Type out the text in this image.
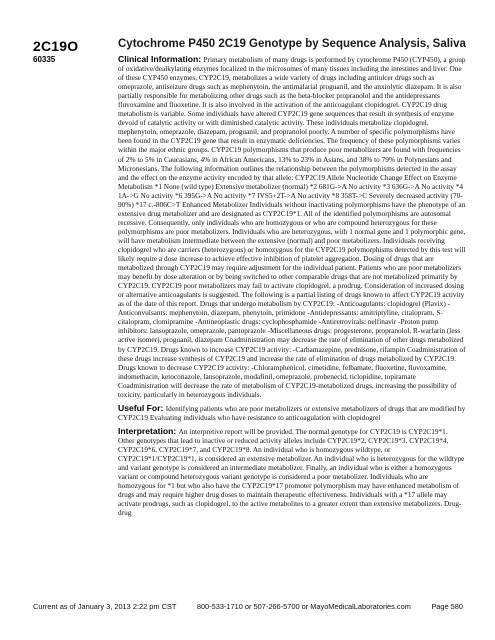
2C19O
60335
Cytochrome P450 2C19 Genotype by Sequence Analysis, Saliva

Clinical Information: Primary metabolism of many drugs is performed by cytochrome P450 (CYP450), a group of oxidative/dealkylating enzymes localized in the microsomes of many tissues including the intestines and liver. One of these CYP450 enzymes, CYP2C19, metabolizes a wide variety of drugs including antiulcer drugs such as omeprazole, antiseizure drugs such as mephenytoin, the antimalarial proguanil, and the anxiolytic diazepam. It is also partially responsible for metabolizing other drugs such as the beta-blocker propranolol and the antidepressants fluvoxamine and fluoxetine. It is also involved in the activation of the anticoagulant clopidogrel. CYP2C19 drug metabolism is variable. Some individuals have altered CYP2C19 gene sequences that result in synthesis of enzyme devoid of catalytic activity or with diminished catalytic activity. These individuals metabolize clopidogrel, mephenytoin, omeprazole, diazepam, proguanil, and propranolol poorly. A number of specific polymorphisms have been found in the CYP2C19 gene that result in enzymatic deficiencies. The frequency of these polymorphisms varies within the major ethnic groups. CYP2C19 polymorphisms that produce poor metabolizers are found with frequencies of 2% to 5% in Caucasians, 4% in African Americans, 13% to 23% in Asians, and 38% to 79% in Polynesians and Micronesians. The following information outlines the relationship between the polymorphisms detected in the assay and the effect on the enzyme activity encoded by that allele: CYP2C19 Allele Nucleotide Change Effect on Enzyme Metabolism *1 None (wild type) Extensive metabolizer (normal) *2 681G->A No activity *3 636G->A No activity *4 1A->G No activity *6 395G->A No activity *7 IVS5+2T->A No activity *8 358T->C Severely decreased activity (70-90%) *17 c.-806C>T Enhanced Metabolizer Individuals without inactivating polymorphisms have the phenotype of an extensive drug metabolizer and are designated as CYP2C19*1. All of the identified polymorphisms are autosomal recessive. Consequently, only individuals who are homozygous or who are compound heterozygous for these polymorphisms are poor metabolizers. Individuals who are heterozygous, with 1 normal gene and 1 polymorphic gene, will have metabolism intermediate between the extensive (normal) and poor metabolizers. Individuals receiving clopidogrel who are carriers (heterozygous) or homozygous for the CYP2C19 polymorphisms detected by this test will likely require a dose increase to achieve effective inhibition of platelet aggregation. Dosing of drugs that are metabolized through CYP2C19 may require adjustment for the individual patient. Patients who are poor metabolizers may benefit by dose alteration or by being switched to other comparable drugs that are not metabolized primarily by CYP2C19. CYP2C19 poor metabolizers may fail to activate clopidogrel, a prodrug. Consideration of increased dosing or alternative anticoagulants is suggested. The following is a partial listing of drugs known to affect CYP2C19 activity as of the date of this report. Drugs that undergo metabolism by CYP2C19: -Anticoagulants: clopidogrel (Plavix) -Anticonvulsants: mephenytoin, diazepam, phenytoin, primidone -Antidepressants: amitriptyline, citalopram, S-citalopram, clomipramine -Antineoplastic drugs: cyclophosphamide -Antiretrovirals: nelfinavir -Proton pump inhibitors: lansoprazole, omeprazole, pantoprazole -Miscellaneous drugs: progesterone, propranolol, R-warfarin (less active isomer), proguanil, diazepam Coadministration may decrease the rate of elimination of other drugs metabolized by CYP2C19. Drugs known to increase CYP2C19 activity: -Carbamazepine, prednisone, rifampin Coadministration of these drugs increase synthesis of CYP2C19 and increase the rate of elimination of drugs metabolized by CYP2C19. Drugs known to decrease CYP2C19 activity: -Chloramphenicol, cimetidine, felbamate, fluoxetine, fluvoxamine, indomethacin, ketoconazole, lansoprazole, modafinil, omeprazole, probenecid, ticlopidine, topiramate Coadministration will decrease the rate of metabolism of CYP2C19-metabolized drugs, increasing the possibility of toxicity, particularly in heterozygous individuals.

Useful For: Identifying patients who are poor metabolizers or extensive metabolizers of drugs that are modified by CYP2C19 Evaluating individuals who have resistance to anticoagulation with clopidogrel

Interpretation: An interpretive report will be provided. The normal genotype for CYP2C19 is CYP2C19*1. Other genotypes that lead to inactive or reduced activity alleles include CYP2C19*2, CYP2C19*3, CYP2C19*4, CYP2C19*6, CYP2C19*7, and CYP2C19*8. An individual who is homozygous wildtype, or CYP2C19*1/CYP2C19*1, is considered an extensive metabolizer. An individual who is heterozygous for the wildtype and variant genotype is considered an intermediate metabolizer. Finally, an individual who is either a homozygous variant or compound heterozygous variant genotype is considered a poor metabolizer. Individuals who are homozygous for *1 but who also have the CYP2C19*17 promoter polymorphism may have enhanced metabolism of drugs and may require higher drug doses to maintain therapeutic effectiveness. Individuals with a *17 allele may activate prodrugs, such as clopidogrel, to the active metabolites to a greater extent than extensive metabolizers. Drug-drug

Current as of January 3, 2013 2:22 pm CST	800-533-1710 or 507-266-5700 or MayoMedicalLaboratories.com	Page 580
